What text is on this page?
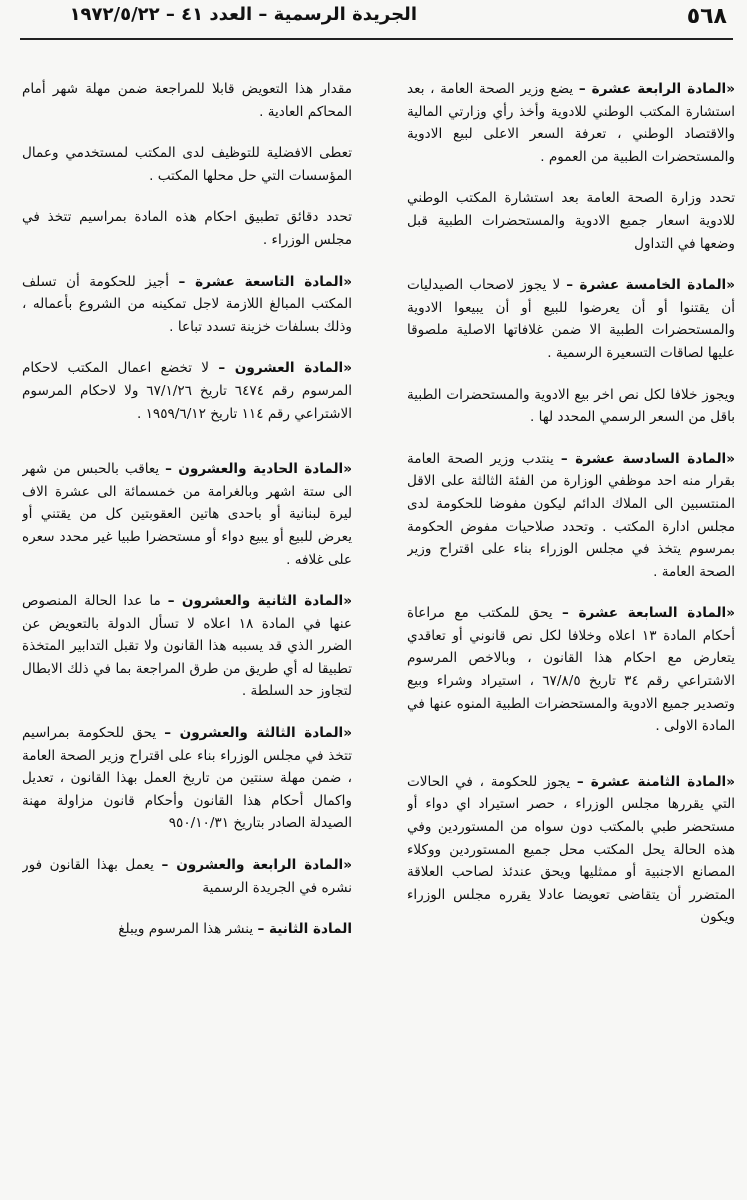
٥٦٨
الجريدة الرسمية – العدد ٤١ – ١٩٧٢/٥/٢٢

«المادة الرابعة عشرة – يضع وزير الصحة العامة ، بعد استشارة المكتب الوطني للادوية وأخذ رأي وزارتي المالية والاقتصاد الوطني ، تعرفة السعر الاعلى لبيع الادوية والمستحضرات الطبية من العموم .

تحدد وزارة الصحة العامة بعد استشارة المكتب الوطني للادوية اسعار جميع الادوية والمستحضرات الطبية قبل وضعها في التداول

«المادة الخامسة عشرة – لا يجوز لاصحاب الصيدليات أن يقتنوا أو أن يعرضوا للبيع أو أن يبيعوا الادوية والمستحضرات الطبية الا ضمن غلافاتها الاصلية ملصوقا عليها لصاقات التسعيرة الرسمية .

ويجوز خلافا لكل نص اخر بيع الادوية والمستحضرات الطبية باقل من السعر الرسمي المحدد لها .

«المادة السادسة عشرة – ينتدب وزير الصحة العامة بقرار منه احد موظفي الوزارة من الفئة الثالثة على الاقل المنتسبين الى الملاك الدائم ليكون مفوضا للحكومة لدى مجلس ادارة المكتب . وتحدد صلاحيات مفوض الحكومة بمرسوم يتخذ في مجلس الوزراء بناء على اقتراح وزير الصحة العامة .

«المادة السابعة عشرة – يحق للمكتب مع مراعاة أحكام المادة ١٣ اعلاه وخلافا لكل نص قانوني أو تعاقدي يتعارض مع احكام هذا القانون ، وبالاخص المرسوم الاشتراعي رقم ٣٤ تاريخ ٦٧/٨/٥ ، استيراد وشراء وبيع وتصدير جميع الادوية والمستحضرات الطبية المنوه عنها في المادة الاولى .

«المادة الثامنة عشرة – يجوز للحكومة ، في الحالات التي يقررها مجلس الوزراء ، حصر استيراد اي دواء أو مستحضر طبي بالمكتب دون سواه من المستوردين وفي هذه الحالة يحل المكتب محل جميع المستوردين ووكلاء المصانع الاجنبية أو ممثليها ويحق عندئذ لصاحب العلاقة المتضرر أن يتقاضى تعويضا عادلا يقرره مجلس الوزراء ويكون

مقدار هذا التعويض قابلا للمراجعة ضمن مهلة شهر أمام المحاكم العادية .

تعطى الافضلية للتوظيف لدى المكتب لمستخدمي وعمال المؤسسات التي حل محلها المكتب .

تحدد دقائق تطبيق احكام هذه المادة بمراسيم تتخذ في مجلس الوزراء .

«المادة التاسعة عشرة – أجيز للحكومة أن تسلف المكتب المبالغ اللازمة لاجل تمكينه من الشروع بأعماله ، وذلك بسلفات خزينة تسدد تباعا .

«المادة العشرون – لا تخضع اعمال المكتب لاحكام المرسوم رقم ٦٤٧٤ تاريخ ٦٧/١/٢٦ ولا لاحكام المرسوم الاشتراعي رقم ١١٤ تاريخ ١٩٥٩/٦/١٢ .

«المادة الحادية والعشرون – يعاقب بالحبس من شهر الى ستة اشهر وبالغرامة من خمسمائة الى عشرة الاف ليرة لبنانية أو باحدى هاتين العقوبتين كل من يقتني أو يعرض للبيع أو يبيع دواء أو مستحضرا طبيا غير محدد سعره على غلافه .

«المادة الثانية والعشرون – ما عدا الحالة المنصوص عنها في المادة ١٨ اعلاه لا تسأل الدولة بالتعويض عن الضرر الذي قد يسببه هذا القانون ولا تقبل التدابير المتخذة تطبيقا له أي طريق من طرق المراجعة بما في ذلك الابطال لتجاوز حد السلطة .

«المادة الثالثة والعشرون – يحق للحكومة بمراسيم تتخذ في مجلس الوزراء بناء على اقتراح وزير الصحة العامة ، ضمن مهلة سنتين من تاريخ العمل بهذا القانون ، تعديل واكمال أحكام هذا القانون وأحكام قانون مزاولة مهنة الصيدلة الصادر بتاريخ ٩٥٠/١٠/٣١

«المادة الرابعة والعشرون – يعمل بهذا القانون فور نشره في الجريدة الرسمية

المادة الثانية – ينشر هذا المرسوم ويبلغ
